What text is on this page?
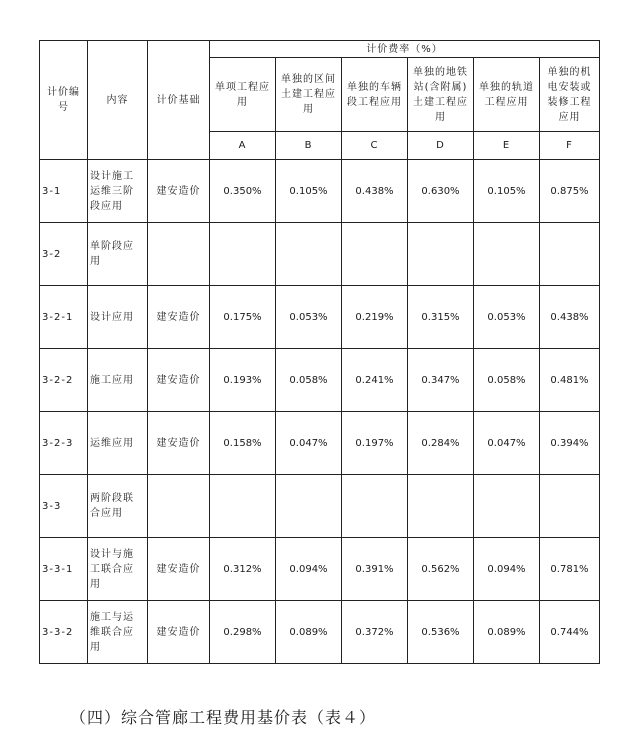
计价编号	内容	计价基础	计价费率（%）					
			单项工程应用	单独的区间土建工程应用	单独的车辆段工程应用	单独的地铁站(含附属)土建工程应用	单独的轨道工程应用	单独的机电安装或装修工程应用
			A	B	C	D	E	F
3-1	设计施工运维三阶段应用	建安造价	0.350%	0.105%	0.438%	0.630%	0.105%	0.875%
3-2	单阶段应用							
3-2-1	设计应用	建安造价	0.175%	0.053%	0.219%	0.315%	0.053%	0.438%
3-2-2	施工应用	建安造价	0.193%	0.058%	0.241%	0.347%	0.058%	0.481%
3-2-3	运维应用	建安造价	0.158%	0.047%	0.197%	0.284%	0.047%	0.394%
3-3	两阶段联合应用							
3-3-1	设计与施工联合应用	建安造价	0.312%	0.094%	0.391%	0.562%	0.094%	0.781%
3-3-2	施工与运维联合应用	建安造价	0.298%	0.089%	0.372%	0.536%	0.089%	0.744%
（四）综合管廊工程费用基价表（表４）
